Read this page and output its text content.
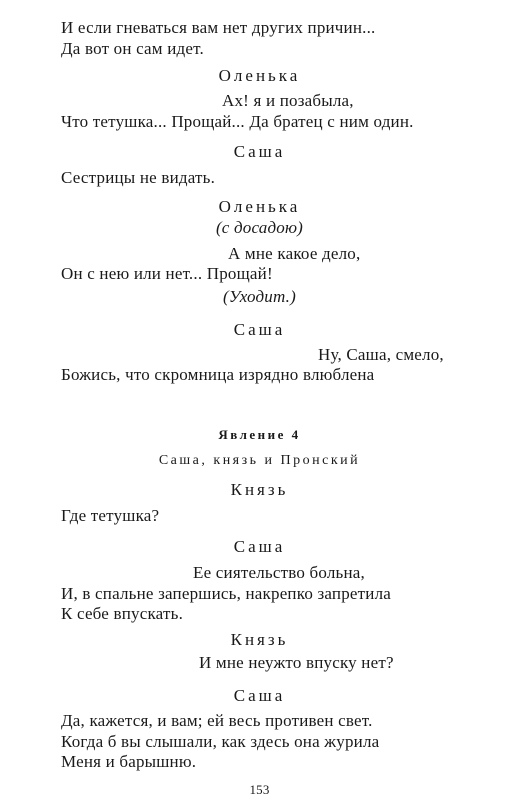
И если гневаться вам нет других причин...
Да вот он сам идет.
Оленька
Ах! я и позабыла,
Что тетушка... Прощай... Да братец с ним один.
Саша
Сестрицы не видать.
Оленька
(с досадою)
А мне какое дело,
Он с нею или нет... Прощай!
(Уходит.)
Саша
Ну, Саша, смело,
Божись, что скромница изрядно влюблена
Явление 4
Саша, князь и Пронский
Князь
Где тетушка?
Саша
Ее сиятельство больна,
И, в спальне запершись, накрепко запретила
К себе впускать.
Князь
И мне неужто впуску нет?
Саша
Да, кажется, и вам; ей весь противен свет.
Когда б вы слышали, как здесь она журила
Меня и барышню.
153
